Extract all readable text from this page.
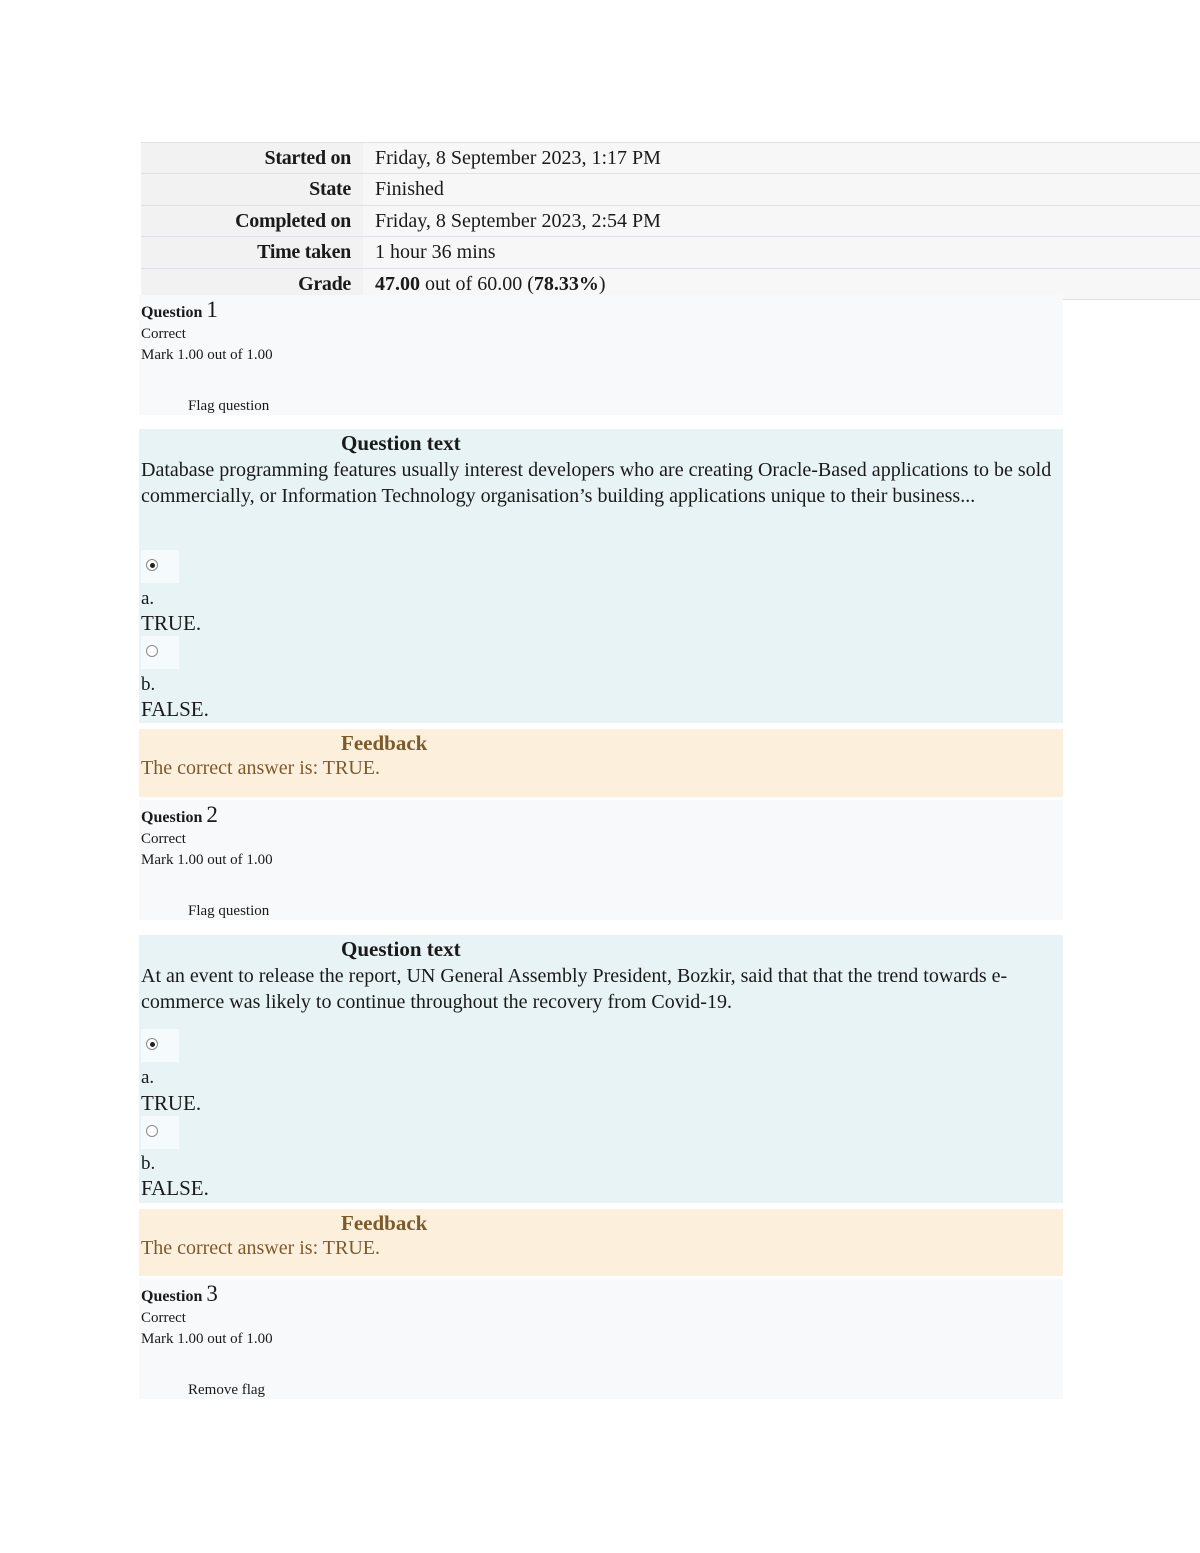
Started on	Friday, 8 September 2023, 1:17 PM
State	Finished
Completed on	Friday, 8 September 2023, 2:54 PM
Time taken	1 hour 36 mins
Grade	47.00 out of 60.00 (78.33%)
Question 1
Correct
Mark 1.00 out of 1.00
Flag question
Question text
Database programming features usually interest developers who are creating Oracle-Based applications to be sold commercially, or Information Technology organisation’s building applications unique to their business...
a.
TRUE.
b.
FALSE.
Feedback
The correct answer is: TRUE.
Question 2
Correct
Mark 1.00 out of 1.00
Flag question
Question text
At an event to release the report, UN General Assembly President, Bozkir, said that that the trend towards e-commerce was likely to continue throughout the recovery from Covid-19.
a.
TRUE.
b.
FALSE.
Feedback
The correct answer is: TRUE.
Question 3
Correct
Mark 1.00 out of 1.00
Remove flag
